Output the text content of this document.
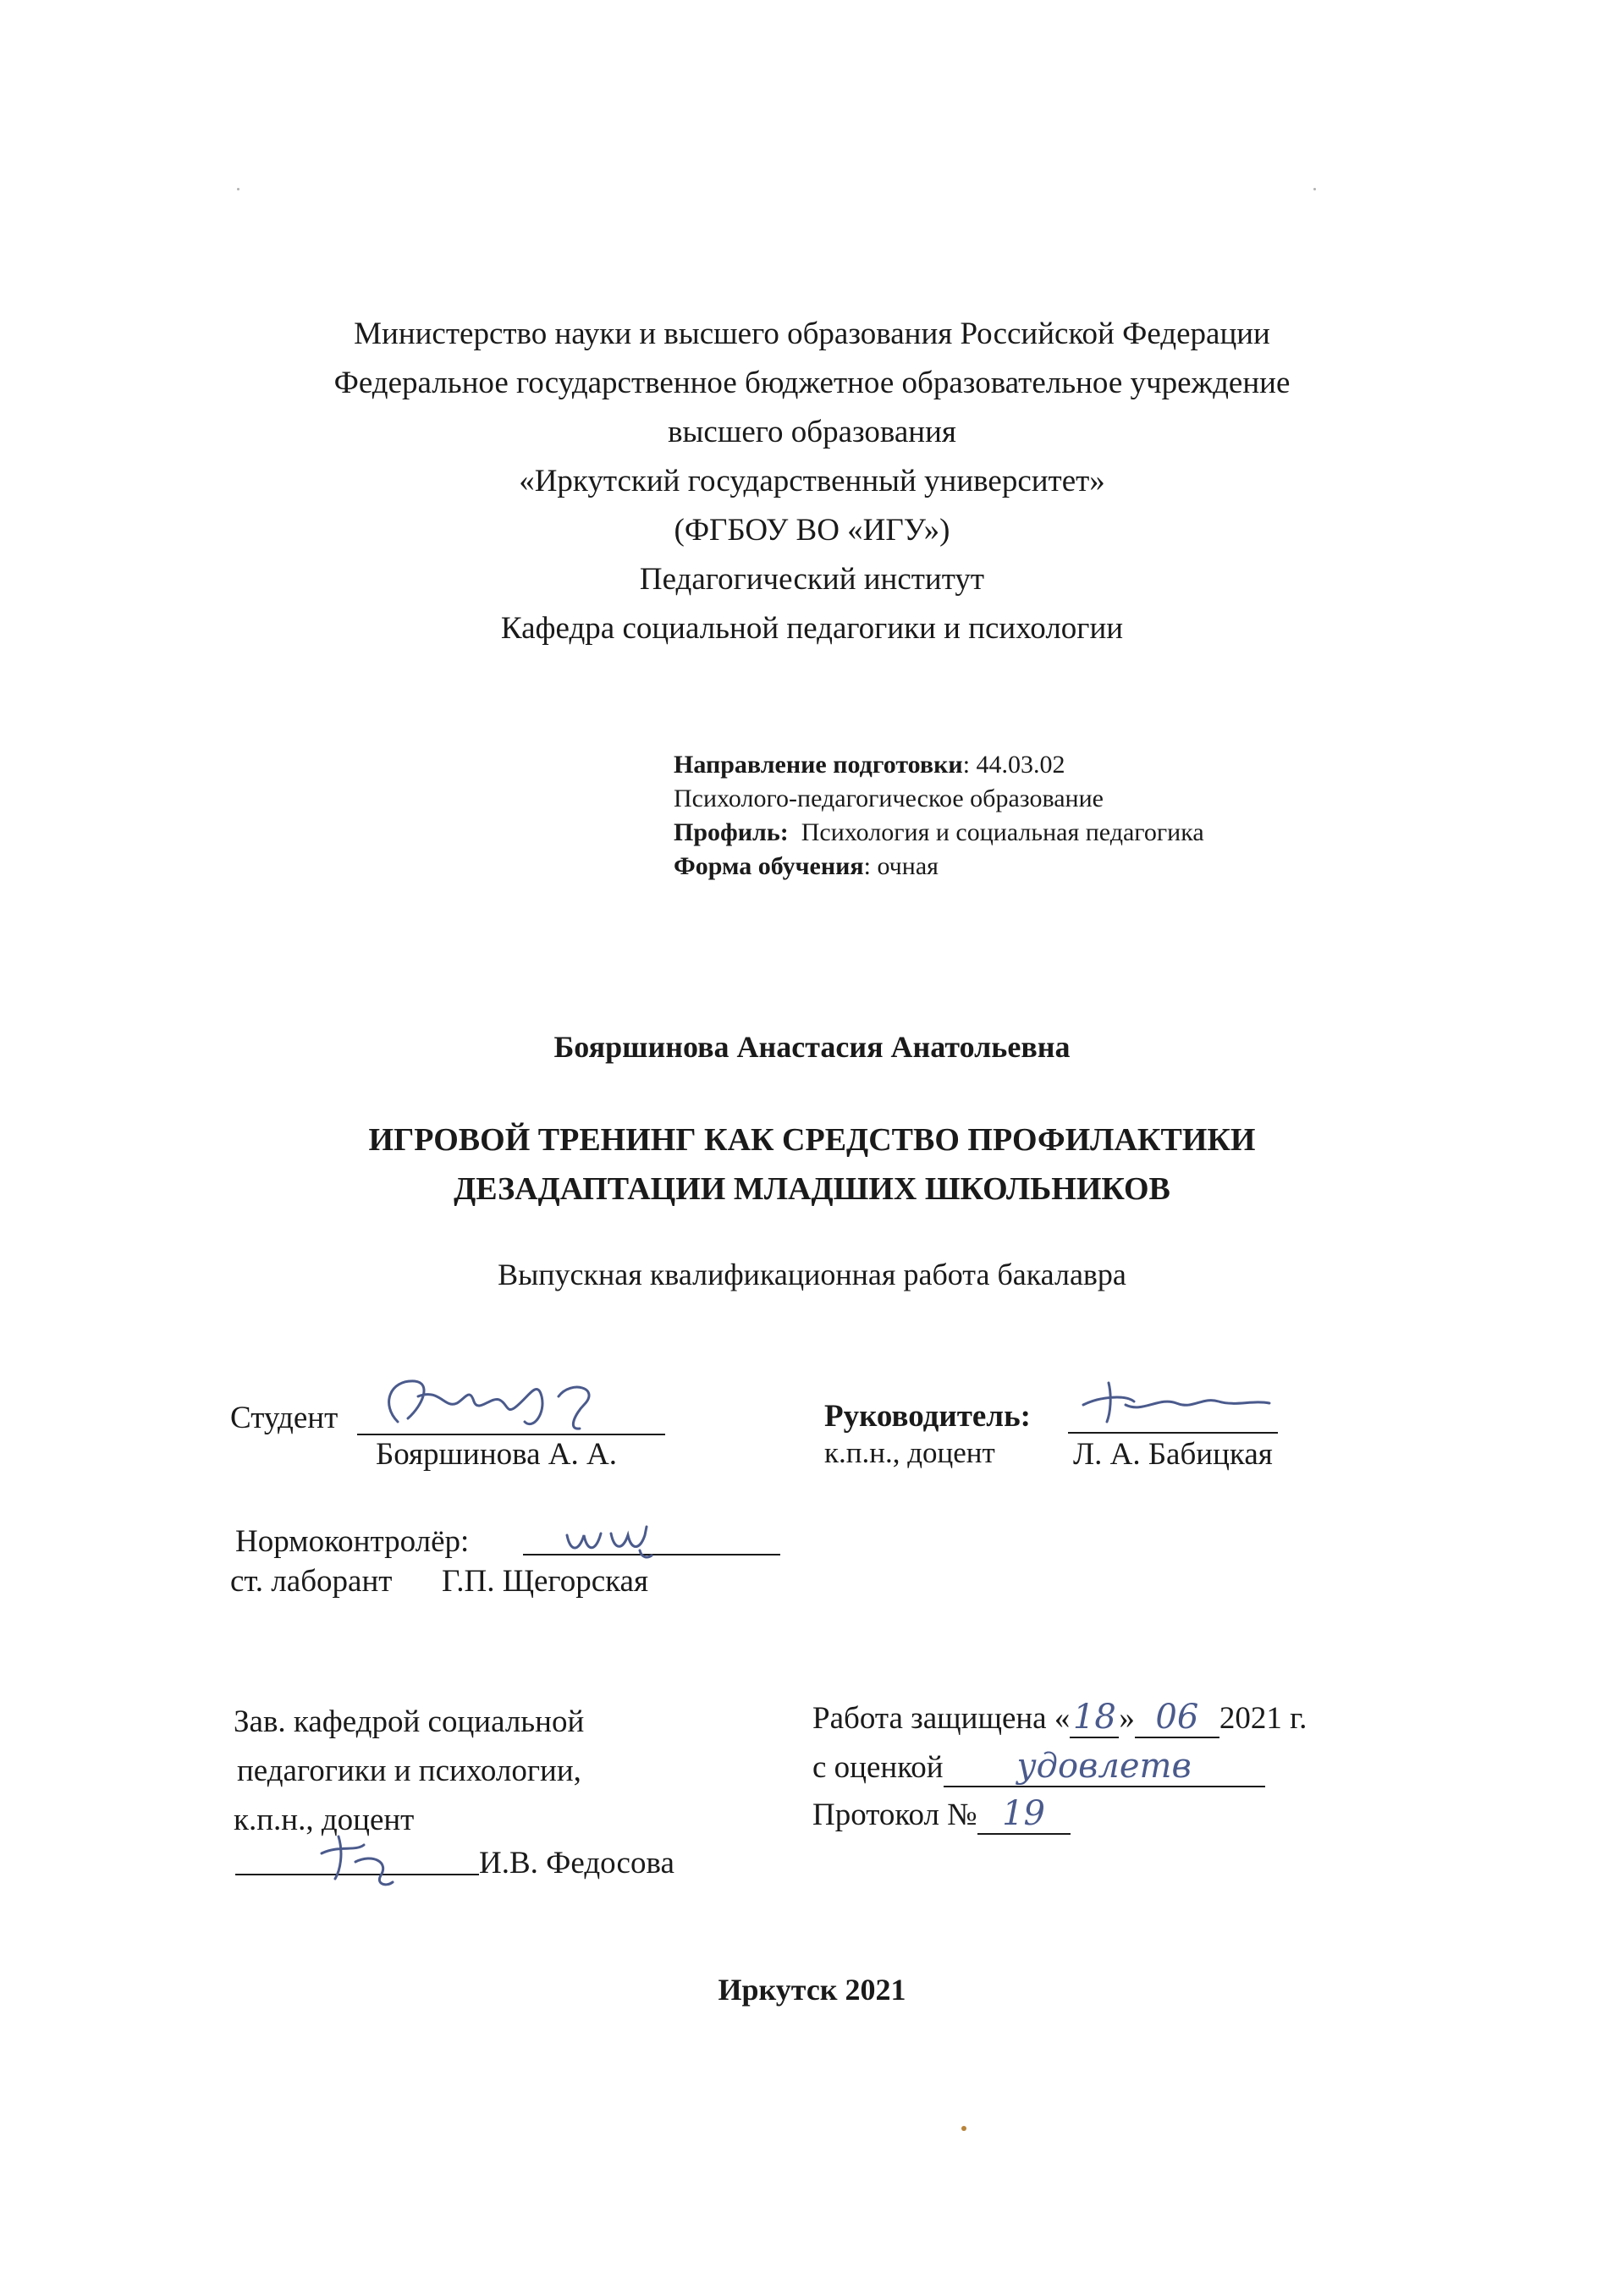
Министерство науки и высшего образования Российской Федерации
Федеральное государственное бюджетное образовательное учреждение
высшего образования
«Иркутский государственный университет»
(ФГБОУ ВО «ИГУ»)
Педагогический институт
Кафедра социальной педагогики и психологии
Направление подготовки: 44.03.02
Психолого-педагогическое образование
Профиль: Психология и социальная педагогика
Форма обучения: очная
Бояршинова Анастасия Анатольевна
ИГРОВОЙ ТРЕНИНГ КАК СРЕДСТВО ПРОФИЛАКТИКИ
ДЕЗАДАПТАЦИИ МЛАДШИХ ШКОЛЬНИКОВ
Выпускная квалификационная работа бакалавра
Студент
Бояршинова А. А.
Руководитель:
к.п.н., доцент Л. А. Бабицкая
Нормоконтролёр:
ст. лаборант Г.П. Щегорская
Зав. кафедрой социальной
педагогики и психологии,
к.п.н., доцент
И.В. Федосова
Работа защищена «18» 06 2021 г.
с оценкой удовлетв
Протокол № 19
Иркутск 2021
